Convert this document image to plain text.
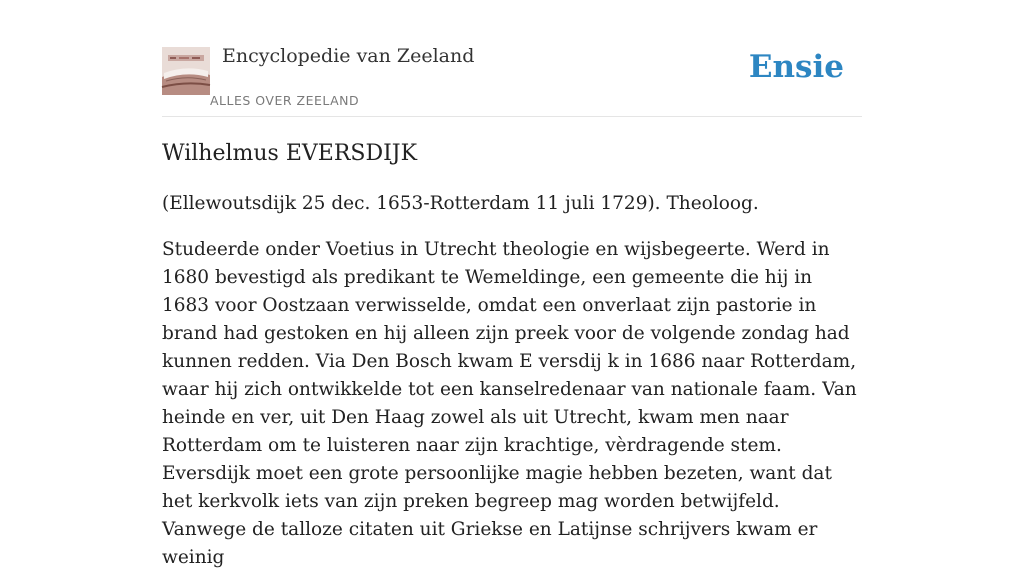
Encyclopedie van Zeeland
ALLES OVER ZEELAND
Ensie
Wilhelmus EVERSDIJK

(Ellewoutsdijk 25 dec. 1653-Rotterdam 11 juli 1729). Theoloog.

Studeerde onder Voetius in Utrecht theologie en wijsbegeerte. Werd in 1680 bevestigd als predikant te Wemeldinge, een gemeente die hij in 1683 voor Oostzaan verwisselde, omdat een onverlaat zijn pastorie in brand had gestoken en hij alleen zijn preek voor de volgende zondag had kunnen redden. Via Den Bosch kwam E versdij k in 1686 naar Rotterdam, waar hij zich ontwikkelde tot een kanselredenaar van nationale faam. Van heinde en ver, uit Den Haag zowel als uit Utrecht, kwam men naar Rotterdam om te luisteren naar zijn krachtige, vèrdragende stem. Eversdijk moet een grote persoonlijke magie hebben bezeten, want dat het kerkvolk iets van zijn preken begreep mag worden betwijfeld. Vanwege de talloze citaten uit Griekse en Latijnse schrijvers kwam er weinig
